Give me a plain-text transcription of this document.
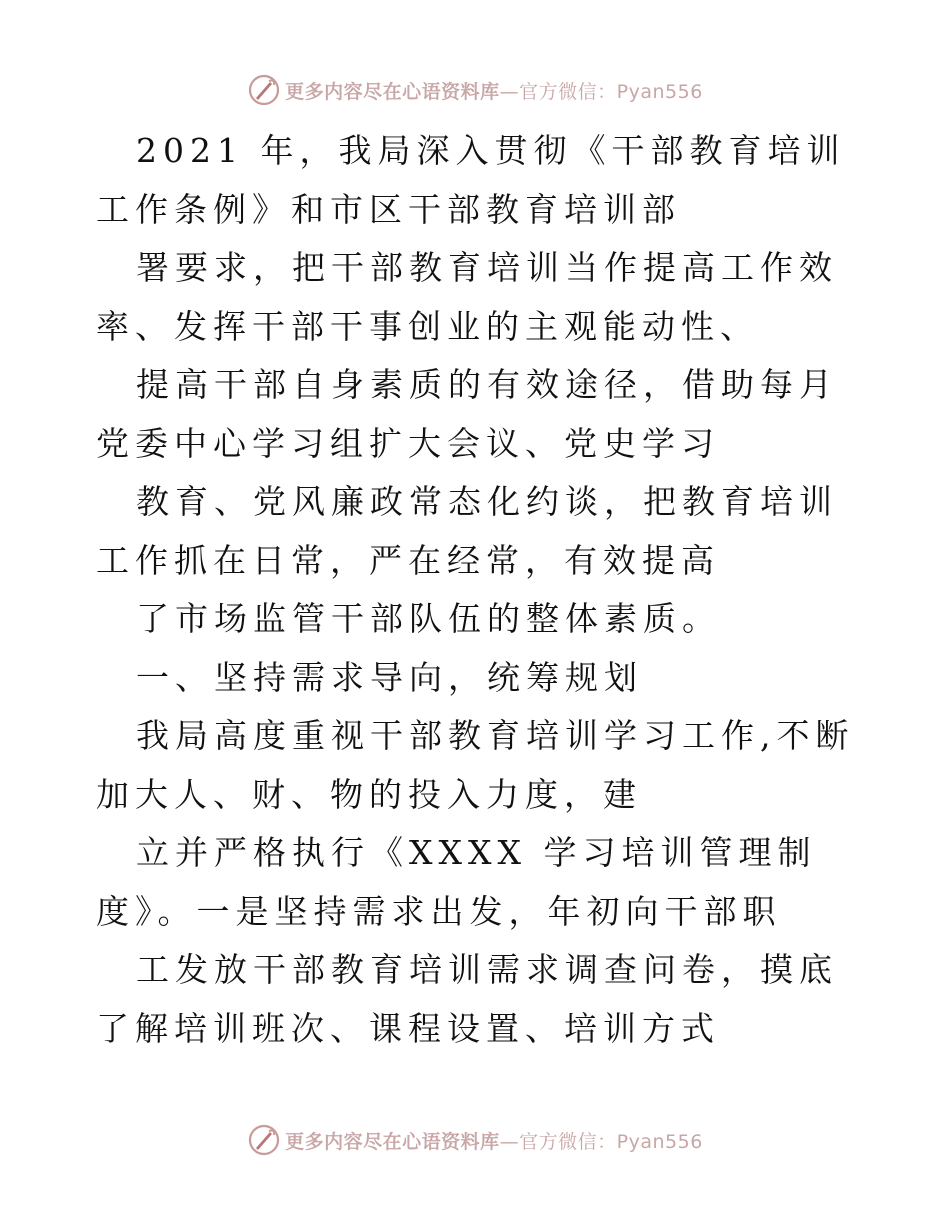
更多内容尽在心语资料库 —官方微信：Pyan556

2021 年，我局深入贯彻《干部教育培训工作条例》和市区干部教育培训部

署要求，把干部教育培训当作提高工作效率、发挥干部干事创业的主观能动性、

提高干部自身素质的有效途径，借助每月党委中心学习组扩大会议、党史学习

教育、党风廉政常态化约谈，把教育培训工作抓在日常，严在经常，有效提高

了市场监管干部队伍的整体素质。

一、坚持需求导向，统筹规划

我局高度重视干部教育培训学习工作,不断加大人、财、物的投入力度，建

立并严格执行《XXXX 学习培训管理制度》。一是坚持需求出发，年初向干部职

工发放干部教育培训需求调查问卷，摸底了解培训班次、课程设置、培训方式

更多内容尽在心语资料库 —官方微信：Pyan556
